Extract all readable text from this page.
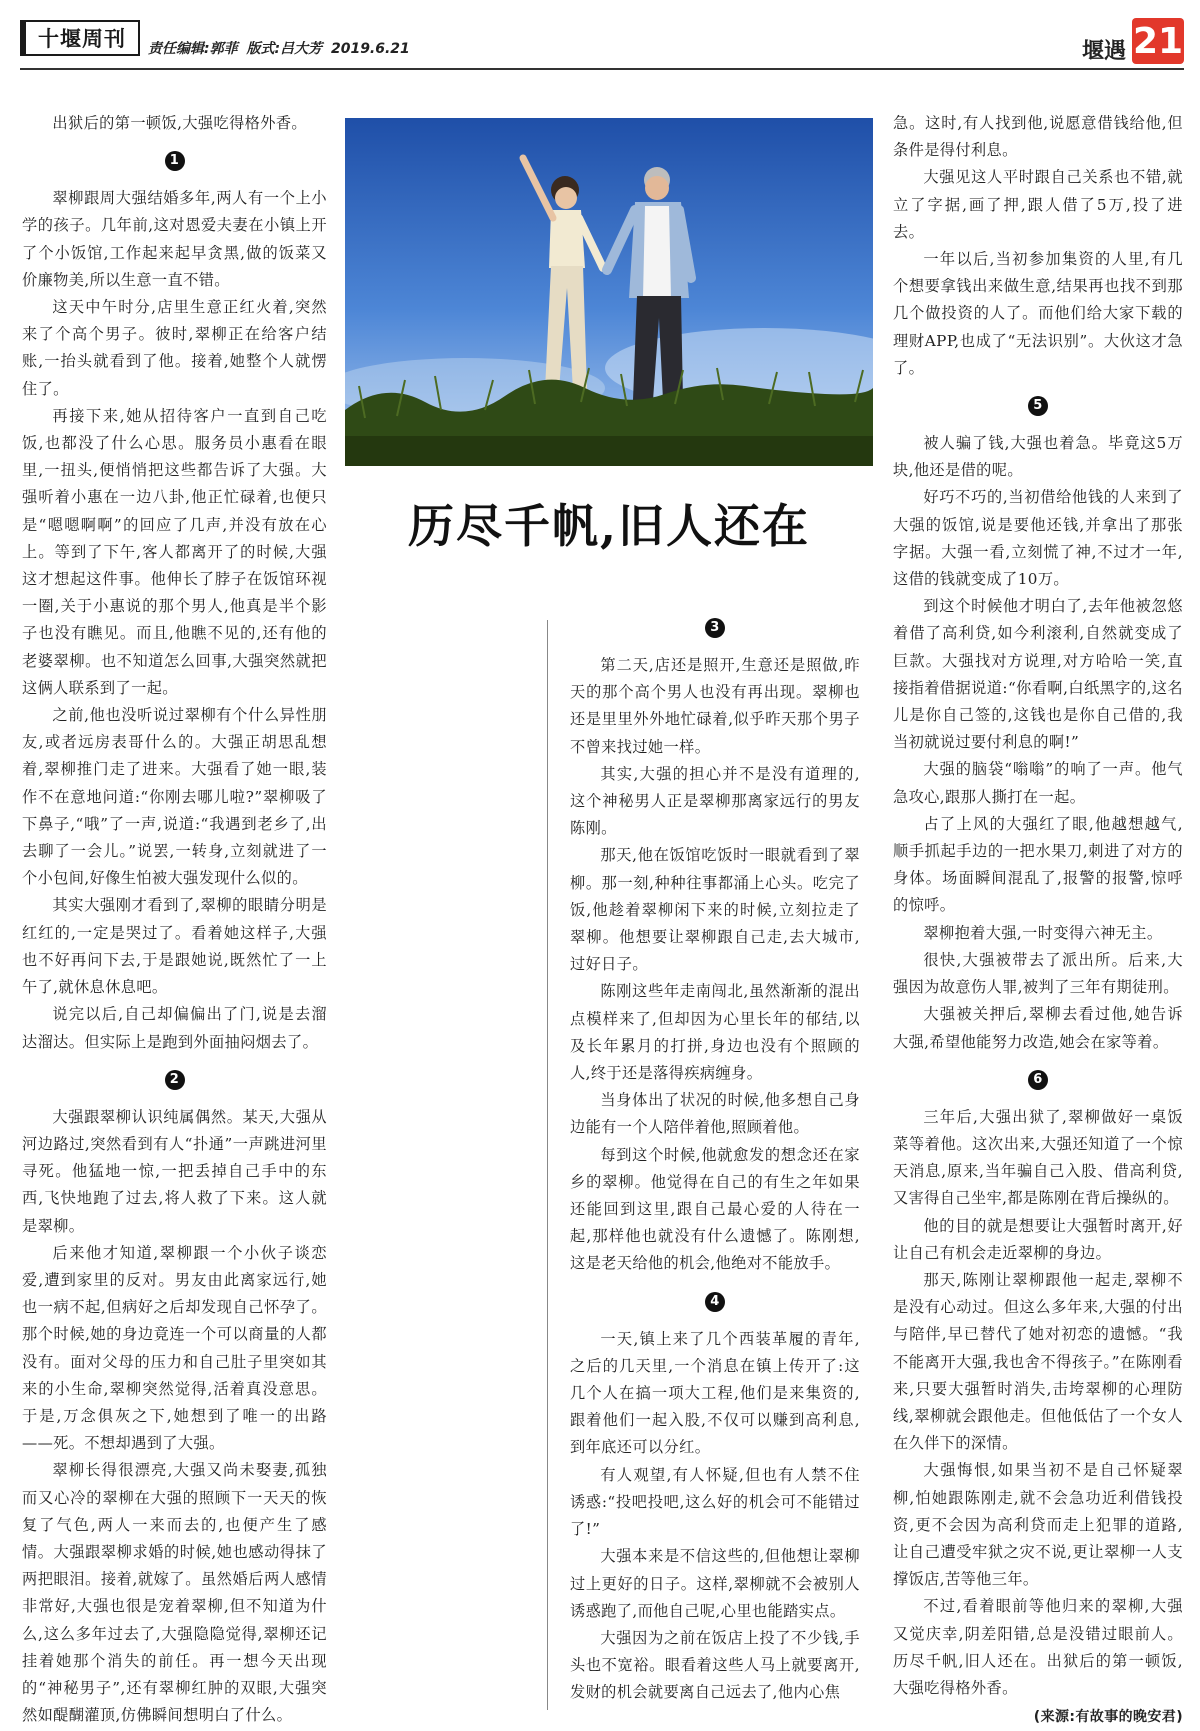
十堰周刊 责任编辑:郭菲 版式:吕大芳 2019.6.21	堰遇 21
历尽千帆,旧人还在

出狱后的第一顿饭,大强吃得格外香。

1

翠柳跟周大强结婚多年,两人有一个上小学的孩子。几年前,这对恩爱夫妻在小镇上开了个小饭馆,工作起来起早贪黑,做的饭菜又价廉物美,所以生意一直不错。

这天中午时分,店里生意正红火着,突然来了个高个男子。彼时,翠柳正在给客户结账,一抬头就看到了他。接着,她整个人就愣住了。

再接下来,她从招待客户一直到自己吃饭,也都没了什么心思。服务员小惠看在眼里,一扭头,便悄悄把这些都告诉了大强。大强听着小惠在一边八卦,他正忙碌着,也便只是“嗯嗯啊啊”的回应了几声,并没有放在心上。等到了下午,客人都离开了的时候,大强这才想起这件事。他伸长了脖子在饭馆环视一圈,关于小惠说的那个男人,他真是半个影子也没有瞧见。而且,他瞧不见的,还有他的老婆翠柳。也不知道怎么回事,大强突然就把这俩人联系到了一起。

之前,他也没听说过翠柳有个什么异性朋友,或者远房表哥什么的。大强正胡思乱想着,翠柳推门走了进来。大强看了她一眼,装作不在意地问道:“你刚去哪儿啦?”翠柳吸了下鼻子,“哦”了一声,说道:“我遇到老乡了,出去聊了一会儿。”说罢,一转身,立刻就进了一个小包间,好像生怕被大强发现什么似的。

其实大强刚才看到了,翠柳的眼睛分明是红红的,一定是哭过了。看着她这样子,大强也不好再问下去,于是跟她说,既然忙了一上午了,就休息休息吧。

说完以后,自己却偏偏出了门,说是去溜达溜达。但实际上是跑到外面抽闷烟去了。

2

大强跟翠柳认识纯属偶然。某天,大强从河边路过,突然看到有人“扑通”一声跳进河里寻死。他猛地一惊,一把丢掉自己手中的东西,飞快地跑了过去,将人救了下来。这人就是翠柳。

后来他才知道,翠柳跟一个小伙子谈恋爱,遭到家里的反对。男友由此离家远行,她也一病不起,但病好之后却发现自己怀孕了。那个时候,她的身边竟连一个可以商量的人都没有。面对父母的压力和自己肚子里突如其来的小生命,翠柳突然觉得,活着真没意思。于是,万念俱灰之下,她想到了唯一的出路——死。不想却遇到了大强。

翠柳长得很漂亮,大强又尚未娶妻,孤独而又心冷的翠柳在大强的照顾下一天天的恢复了气色,两人一来而去的,也便产生了感情。大强跟翠柳求婚的时候,她也感动得抹了两把眼泪。接着,就嫁了。虽然婚后两人感情非常好,大强也很是宠着翠柳,但不知道为什么,这么多年过去了,大强隐隐觉得,翠柳还记挂着她那个消失的前任。再一想今天出现的“神秘男子”,还有翠柳红肿的双眼,大强突然如醍醐灌顶,仿佛瞬间想明白了什么。

3

第二天,店还是照开,生意还是照做,昨天的那个高个男人也没有再出现。翠柳也还是里里外外地忙碌着,似乎昨天那个男子不曾来找过她一样。

其实,大强的担心并不是没有道理的,这个神秘男人正是翠柳那离家远行的男友陈刚。

那天,他在饭馆吃饭时一眼就看到了翠柳。那一刻,种种往事都涌上心头。吃完了饭,他趁着翠柳闲下来的时候,立刻拉走了翠柳。他想要让翠柳跟自己走,去大城市,过好日子。

陈刚这些年走南闯北,虽然渐渐的混出点模样来了,但却因为心里长年的郁结,以及长年累月的打拼,身边也没有个照顾的人,终于还是落得疾病缠身。

当身体出了状况的时候,他多想自己身边能有一个人陪伴着他,照顾着他。

每到这个时候,他就愈发的想念还在家乡的翠柳。他觉得在自己的有生之年如果还能回到这里,跟自己最心爱的人待在一起,那样他也就没有什么遗憾了。陈刚想,这是老天给他的机会,他绝对不能放手。

4

一天,镇上来了几个西装革履的青年,之后的几天里,一个消息在镇上传开了:这几个人在搞一项大工程,他们是来集资的,跟着他们一起入股,不仅可以赚到高利息,到年底还可以分红。

有人观望,有人怀疑,但也有人禁不住诱惑:“投吧投吧,这么好的机会可不能错过了!”

大强本来是不信这些的,但他想让翠柳过上更好的日子。这样,翠柳就不会被别人诱惑跑了,而他自己呢,心里也能踏实点。

大强因为之前在饭店上投了不少钱,手头也不宽裕。眼看着这些人马上就要离开,发财的机会就要离自己远去了,他内心焦

急。这时,有人找到他,说愿意借钱给他,但条件是得付利息。

大强见这人平时跟自己关系也不错,就立了字据,画了押,跟人借了5万,投了进去。

一年以后,当初参加集资的人里,有几个想要拿钱出来做生意,结果再也找不到那几个做投资的人了。而他们给大家下载的理财APP,也成了“无法识别”。大伙这才急了。

5

被人骗了钱,大强也着急。毕竟这5万块,他还是借的呢。

好巧不巧的,当初借给他钱的人来到了大强的饭馆,说是要他还钱,并拿出了那张字据。大强一看,立刻慌了神,不过才一年,这借的钱就变成了10万。

到这个时候他才明白了,去年他被忽悠着借了高利贷,如今利滚利,自然就变成了巨款。大强找对方说理,对方哈哈一笑,直接指着借据说道:“你看啊,白纸黑字的,这名儿是你自己签的,这钱也是你自己借的,我当初就说过要付利息的啊!”

大强的脑袋“嗡嗡”的响了一声。他气急攻心,跟那人撕打在一起。

占了上风的大强红了眼,他越想越气,顺手抓起手边的一把水果刀,刺进了对方的身体。场面瞬间混乱了,报警的报警,惊呼的惊呼。

翠柳抱着大强,一时变得六神无主。

很快,大强被带去了派出所。后来,大强因为故意伤人罪,被判了三年有期徒刑。

大强被关押后,翠柳去看过他,她告诉大强,希望他能努力改造,她会在家等着。

6

三年后,大强出狱了,翠柳做好一桌饭菜等着他。这次出来,大强还知道了一个惊天消息,原来,当年骗自己入股、借高利贷,又害得自己坐牢,都是陈刚在背后操纵的。

他的目的就是想要让大强暂时离开,好让自己有机会走近翠柳的身边。

那天,陈刚让翠柳跟他一起走,翠柳不是没有心动过。但这么多年来,大强的付出与陪伴,早已替代了她对初恋的遗憾。“我不能离开大强,我也舍不得孩子。”在陈刚看来,只要大强暂时消失,击垮翠柳的心理防线,翠柳就会跟他走。但他低估了一个女人在久伴下的深情。

大强悔恨,如果当初不是自己怀疑翠柳,怕她跟陈刚走,就不会急功近利借钱投资,更不会因为高利贷而走上犯罪的道路,让自己遭受牢狱之灾不说,更让翠柳一人支撑饭店,苦等他三年。

不过,看着眼前等他归来的翠柳,大强又觉庆幸,阴差阳错,总是没错过眼前人。历尽千帆,旧人还在。出狱后的第一顿饭,大强吃得格外香。

(来源:有故事的晚安君)
